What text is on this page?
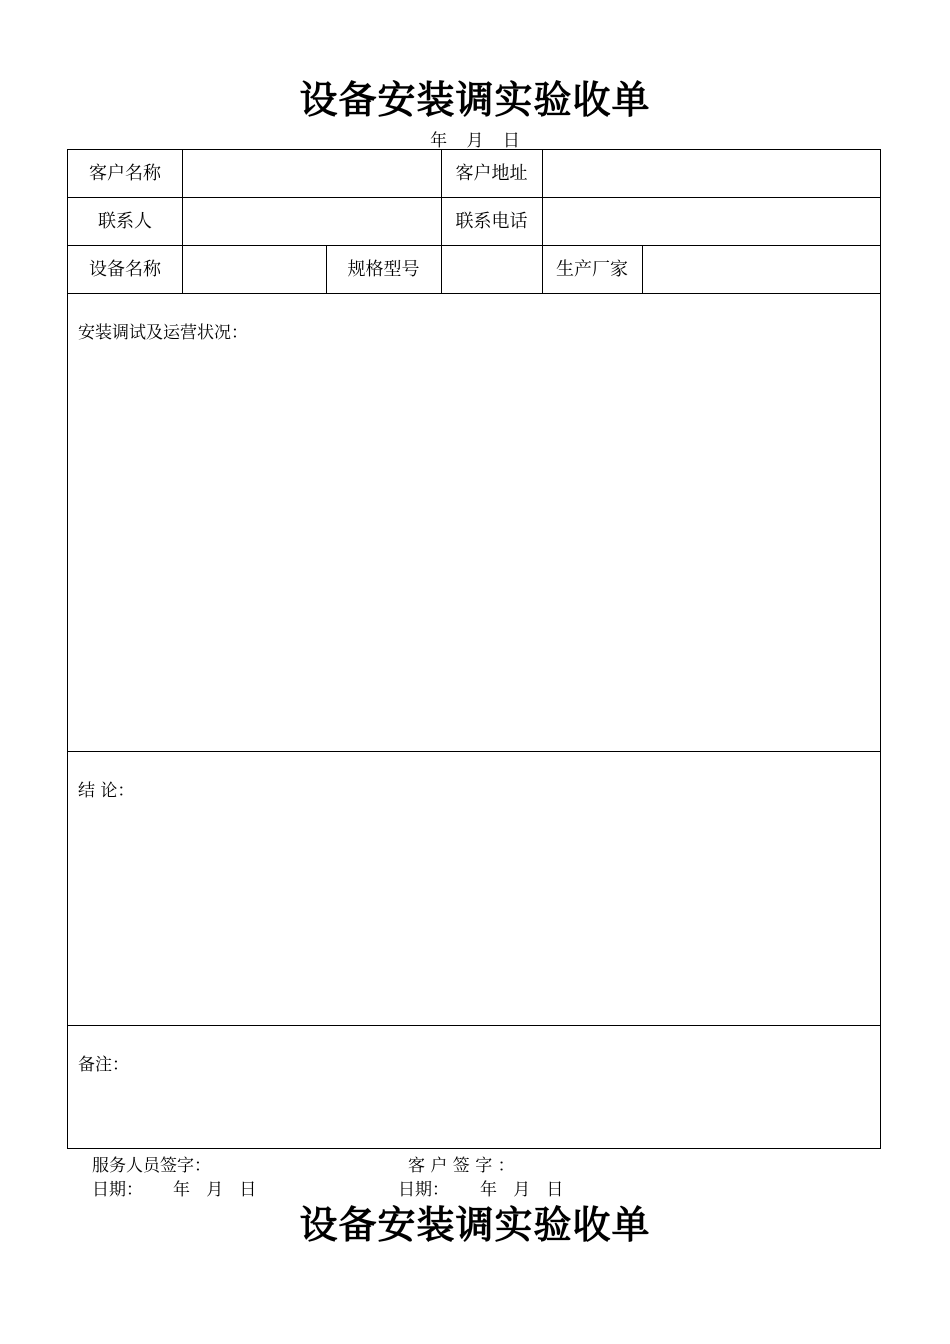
设备安装调实验收单
年 月 日
客户名称	客户地址
联系人	联系电话
设备名称	规格型号	生产厂家
安装调试及运营状况：
结 论：
备注：
服务人员签字：	客 户 签 字 ：
日期： 年   月   日	日期： 年   月   日
设备安装调实验收单
